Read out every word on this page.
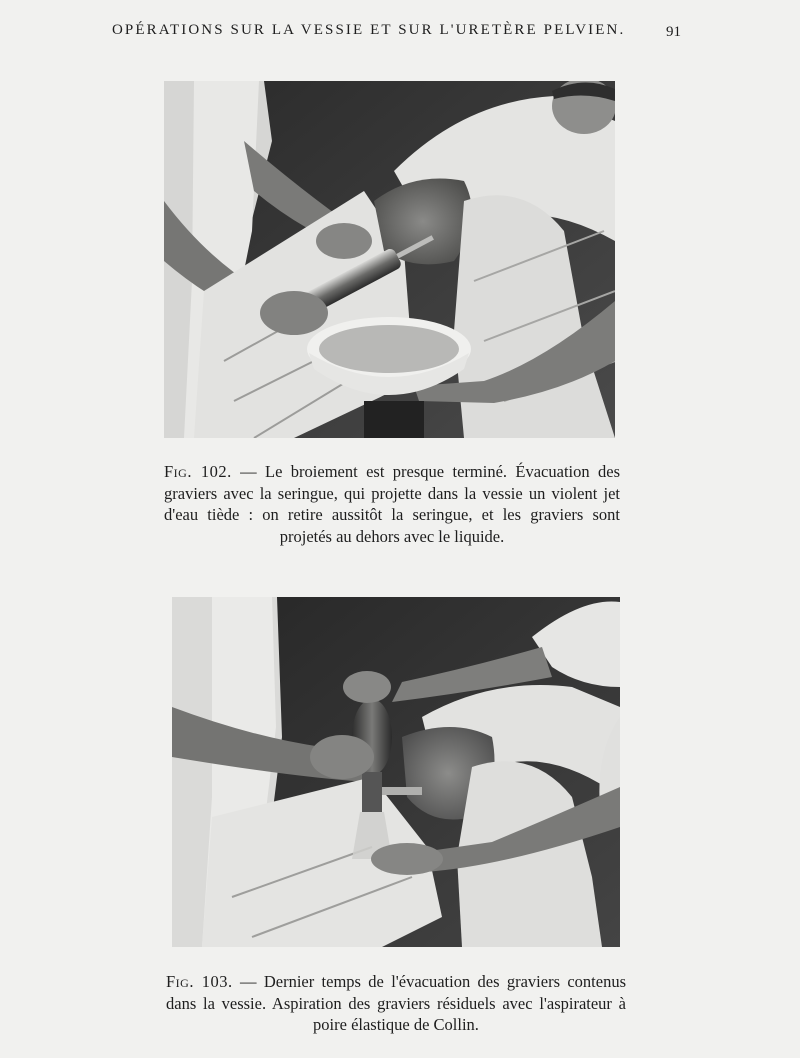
OPÉRATIONS SUR LA VESSIE ET SUR L'URETÈRE PELVIEN.	91
Fig. 102. — Le broiement est presque terminé. Évacuation des graviers avec la seringue, qui projette dans la vessie un violent jet d'eau tiède : on retire aussitôt la seringue, et les graviers sont projetés au dehors avec le liquide.
Fig. 103. — Dernier temps de l'évacuation des graviers contenus dans la vessie. Aspiration des graviers résiduels avec l'aspirateur à poire élastique de Collin.
